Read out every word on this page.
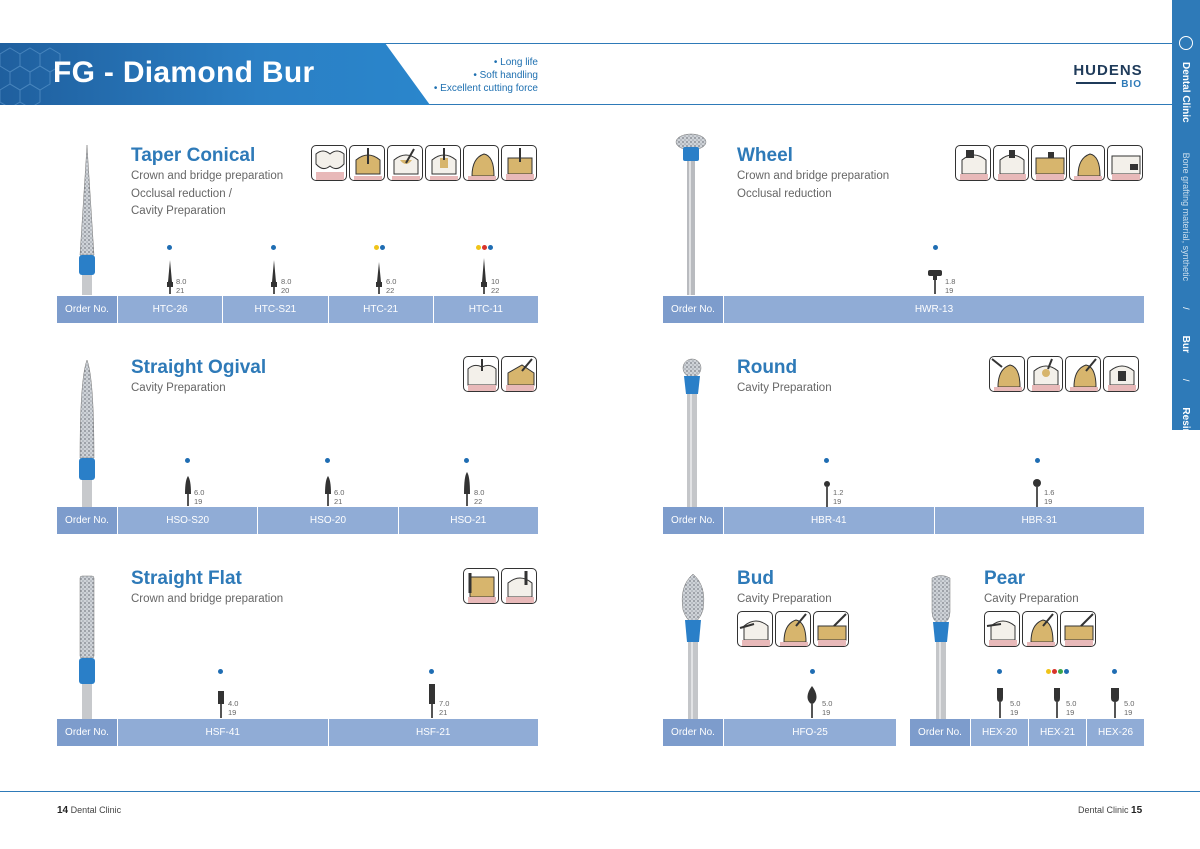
FG - Diamond Bur	• Long life
• Soft handling
• Excellent cutting force
HUDENS
BIO	Dental Clinic
Bone grafting material, synthetic
/
Bur
/
Resin
Taper Conical
Crown and bridge preparation
Occlusal reduction /
Cavity Preparation
8.0
21
8.0
20
6.0
22
10
22
Order No.	HTC-26	HTC-S21	HTC-21	HTC-11
Wheel
Crown and bridge preparation
Occlusal reduction
1.8
19
Order No.	HWR-13
Straight Ogival
Cavity Preparation
6.0
19
6.0
21
8.0
22
Order No.	HSO-S20	HSO-20	HSO-21
Round
Cavity Preparation
1.2
19
1.6
19
Order No.	HBR-41	HBR-31
Straight Flat
Crown and bridge preparation
4.0
19
7.0
21
Order No.	HSF-41	HSF-21
Bud
Cavity Preparation
5.0
19
Order No.	HFO-25
Pear
Cavity Preparation
5.0
19
5.0
19
5.0
19
Order No.	HEX-20	HEX-21	HEX-26
14 Dental Clinic	Dental Clinic 15
